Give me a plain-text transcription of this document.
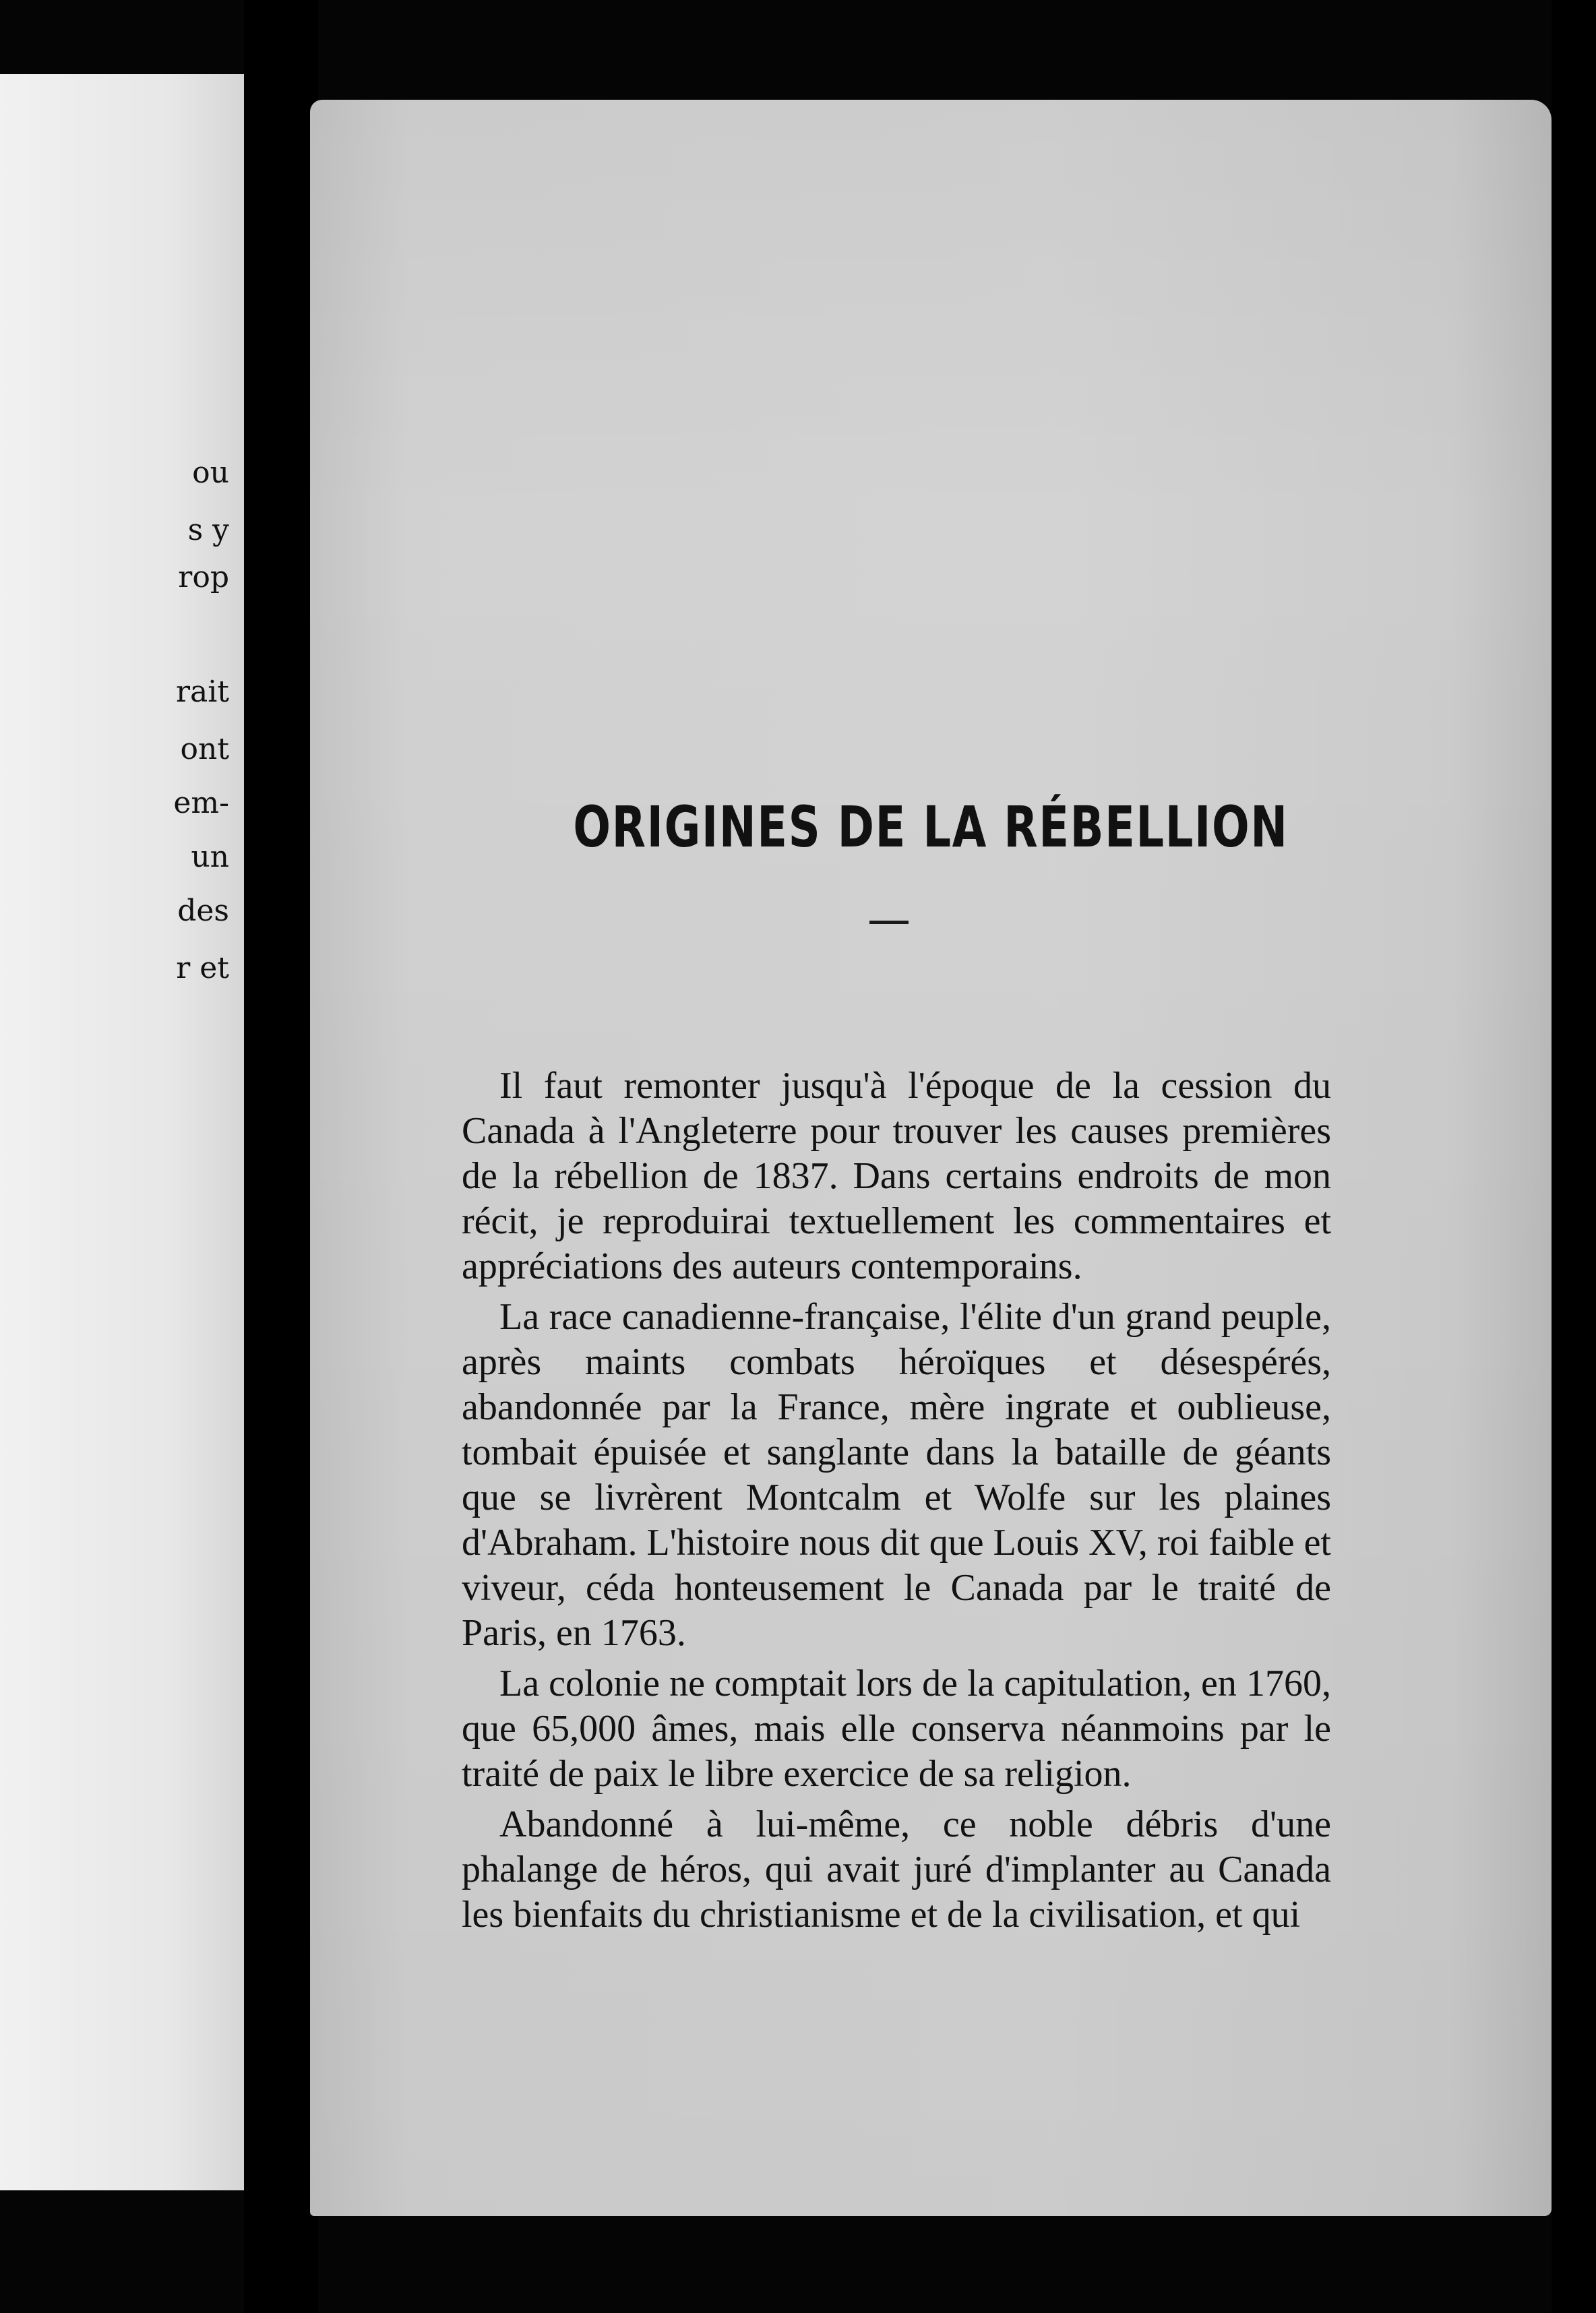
ou
s y
rop
rait
ont
em-
un
des
r et
ORIGINES DE LA RÉBELLION

Il faut remonter jusqu'à l'époque de la cession du Canada à l'Angleterre pour trouver les causes premières de la rébellion de 1837. Dans certains endroits de mon récit, je reproduirai textuellement les commentaires et appréciations des auteurs contemporains.

La race canadienne-française, l'élite d'un grand peuple, après maints combats héroïques et désespérés, abandonnée par la France, mère ingrate et oublieuse, tombait épuisée et sanglante dans la bataille de géants que se livrèrent Montcalm et Wolfe sur les plaines d'Abraham. L'histoire nous dit que Louis XV, roi faible et viveur, céda honteusement le Canada par le traité de Paris, en 1763.

La colonie ne comptait lors de la capitulation, en 1760, que 65,000 âmes, mais elle conserva néanmoins par le traité de paix le libre exercice de sa religion.

Abandonné à lui-même, ce noble débris d'une phalange de héros, qui avait juré d'implanter au Canada les bienfaits du christianisme et de la civilisation, et qui
